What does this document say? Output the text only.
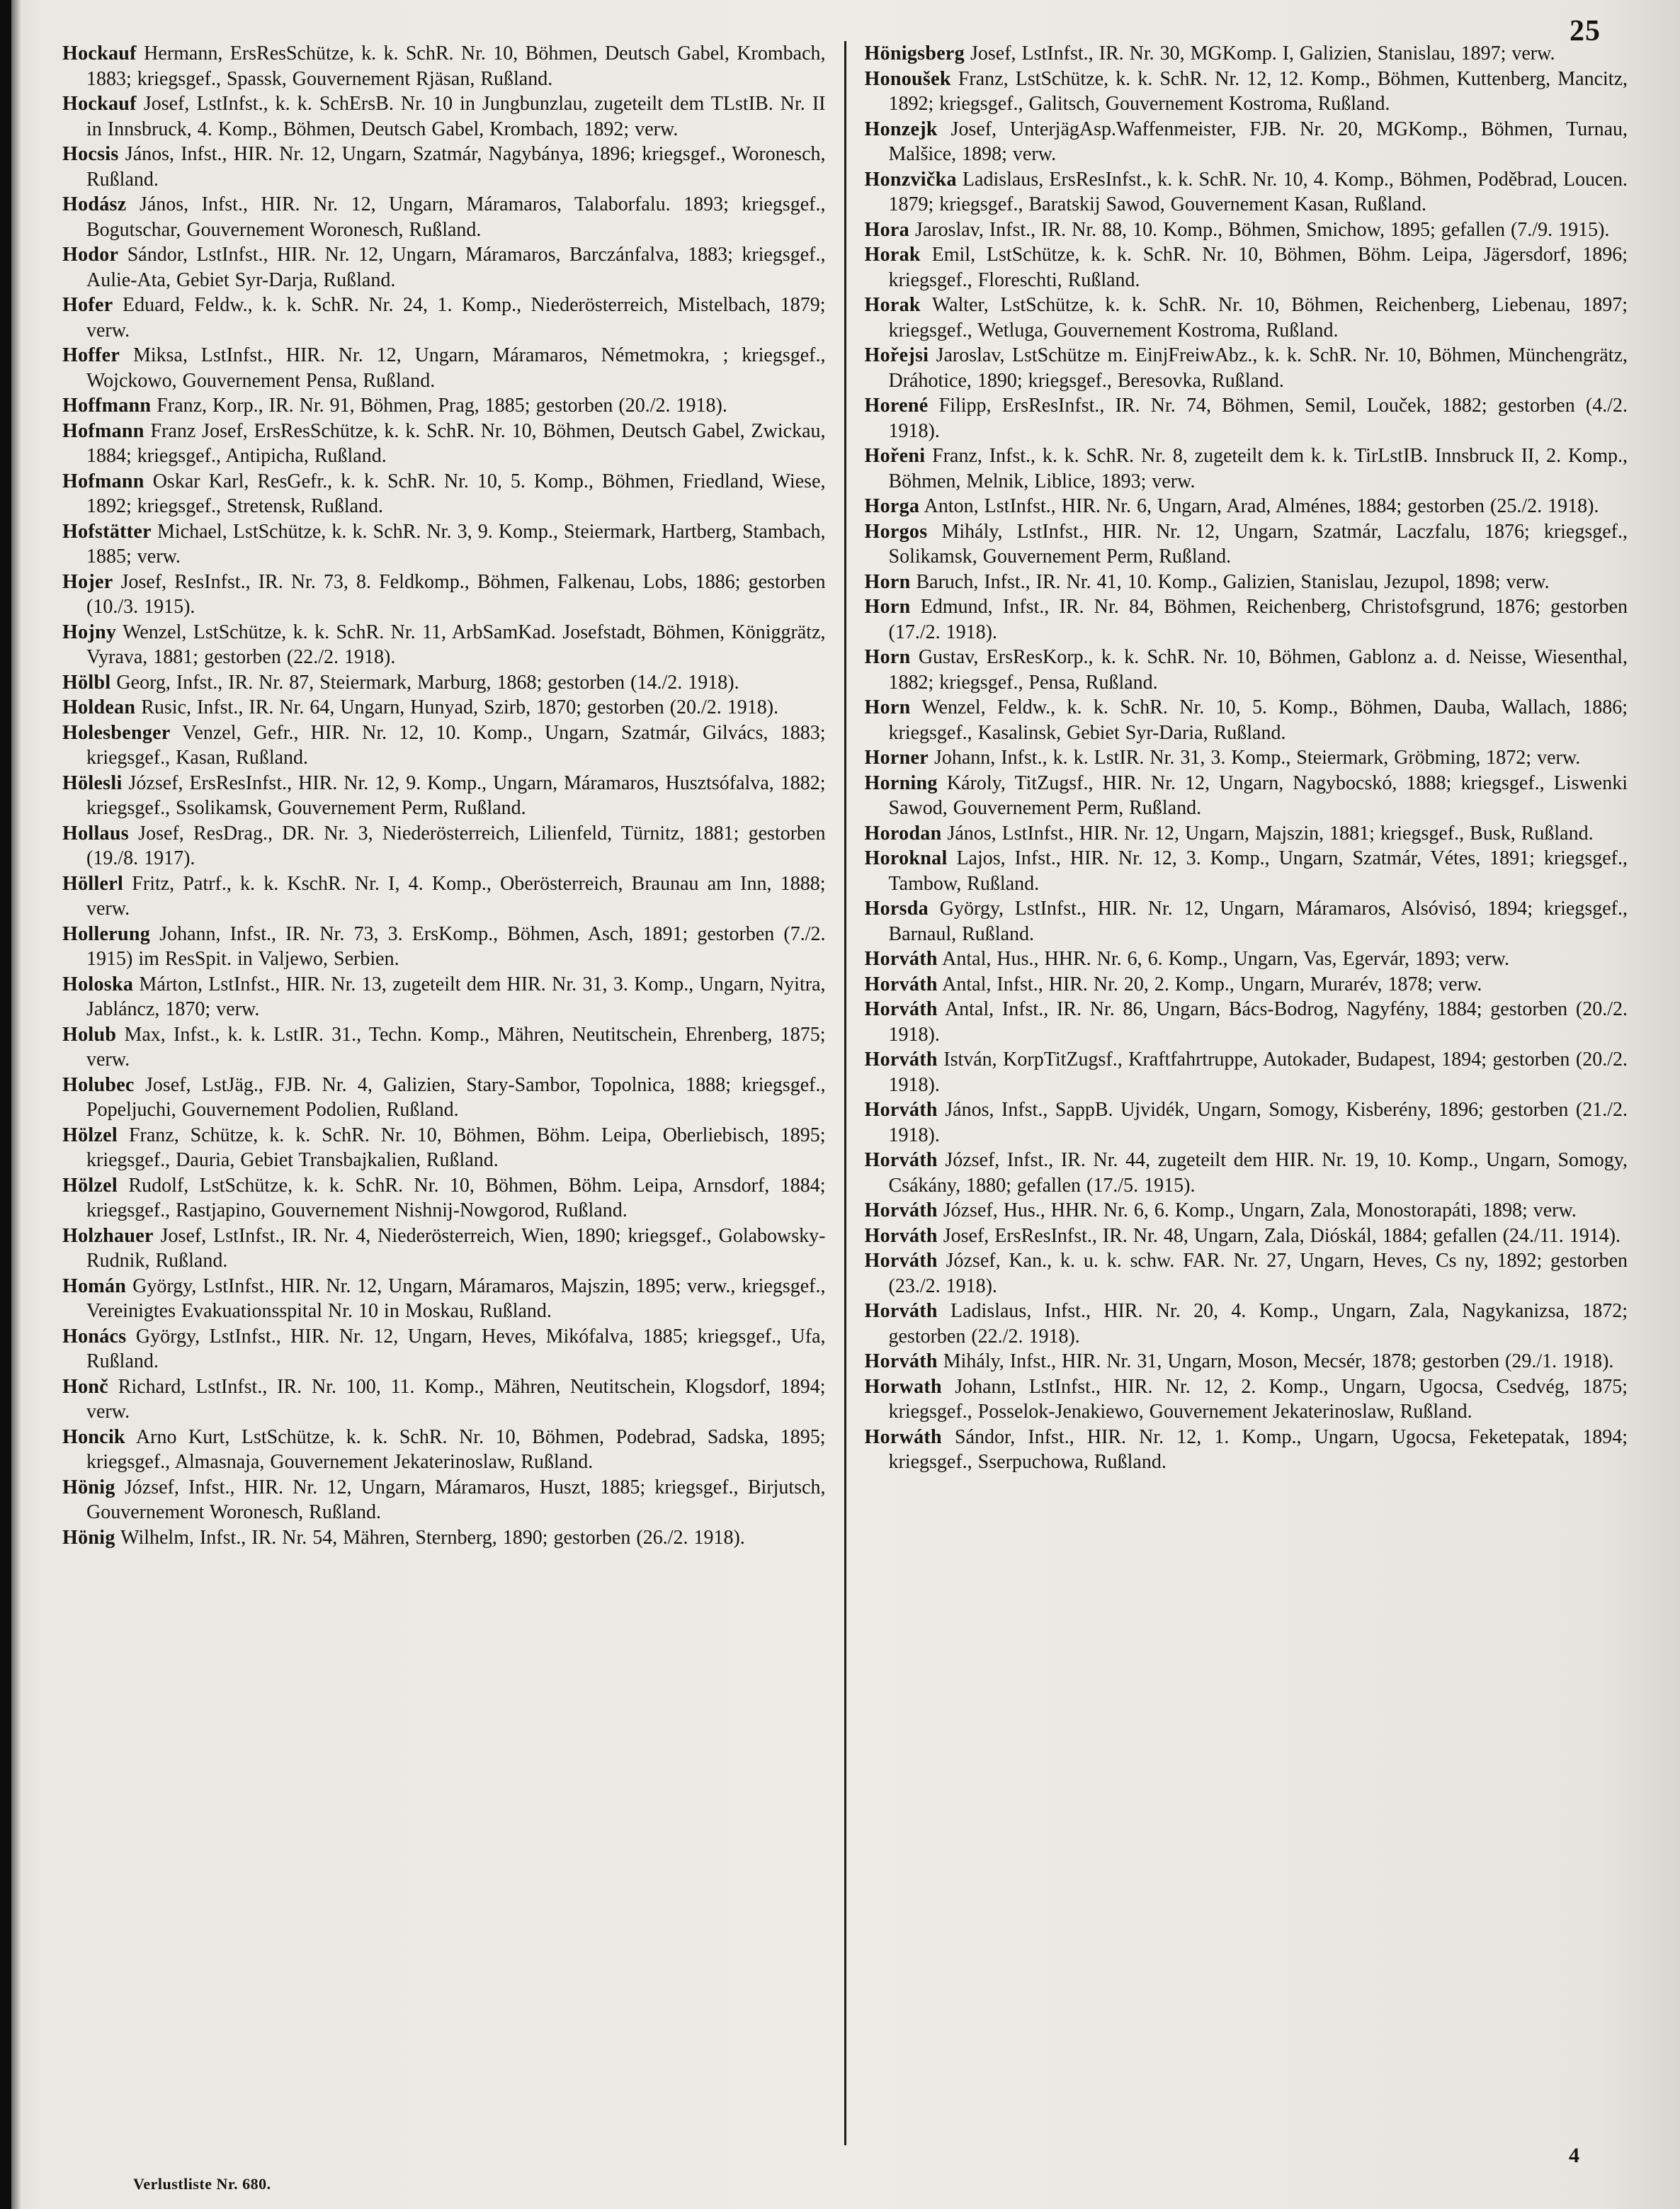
25

Hockauf Hermann, ErsResSchütze, k. k. SchR. Nr. 10, Böhmen, Deutsch Gabel, Krombach, 1883; kriegsgef., Spassk, Gouvernement Rjäsan, Rußland.

Hockauf Josef, LstInfst., k. k. SchErsB. Nr. 10 in Jungbunzlau, zugeteilt dem TLstIB. Nr. II in Innsbruck, 4. Komp., Böhmen, Deutsch Gabel, Krombach, 1892; verw.

Hocsis János, Infst., HIR. Nr. 12, Ungarn, Szatmár, Nagybánya, 1896; kriegsgef., Woronesch, Rußland.

Hodász János, Infst., HIR. Nr. 12, Ungarn, Máramaros, Talaborfalu. 1893; kriegsgef., Bogutschar, Gouvernement Woronesch, Rußland.

Hodor Sándor, LstInfst., HIR. Nr. 12, Ungarn, Máramaros, Barczánfalva, 1883; kriegsgef., Aulie-Ata, Gebiet Syr-Darja, Rußland.

Hofer Eduard, Feldw., k. k. SchR. Nr. 24, 1. Komp., Niederösterreich, Mistelbach, 1879; verw.

Hoffer Miksa, LstInfst., HIR. Nr. 12, Ungarn, Máramaros, Németmokra, ; kriegsgef., Wojckowo, Gouvernement Pensa, Rußland.

Hoffmann Franz, Korp., IR. Nr. 91, Böhmen, Prag, 1885; gestorben (20./2. 1918).

Hofmann Franz Josef, ErsResSchütze, k. k. SchR. Nr. 10, Böhmen, Deutsch Gabel, Zwickau, 1884; kriegsgef., Antipicha, Rußland.

Hofmann Oskar Karl, ResGefr., k. k. SchR. Nr. 10, 5. Komp., Böhmen, Friedland, Wiese, 1892; kriegsgef., Stretensk, Rußland.

Hofstätter Michael, LstSchütze, k. k. SchR. Nr. 3, 9. Komp., Steiermark, Hartberg, Stambach, 1885; verw.

Hojer Josef, ResInfst., IR. Nr. 73, 8. Feldkomp., Böhmen, Falkenau, Lobs, 1886; gestorben (10./3. 1915).

Hojny Wenzel, LstSchütze, k. k. SchR. Nr. 11, ArbSamKad. Josefstadt, Böhmen, Königgrätz, Vyrava, 1881; gestorben (22./2. 1918).

Hölbl Georg, Infst., IR. Nr. 87, Steiermark, Marburg, 1868; gestorben (14./2. 1918).

Holdean Rusic, Infst., IR. Nr. 64, Ungarn, Hunyad, Szirb, 1870; gestorben (20./2. 1918).

Holesbenger Venzel, Gefr., HIR. Nr. 12, 10. Komp., Ungarn, Szatmár, Gilvács, 1883; kriegsgef., Kasan, Rußland.

Hölesli József, ErsResInfst., HIR. Nr. 12, 9. Komp., Ungarn, Máramaros, Husztsófalva, 1882; kriegsgef., Ssolikamsk, Gouvernement Perm, Rußland.

Hollaus Josef, ResDrag., DR. Nr. 3, Niederösterreich, Lilienfeld, Türnitz, 1881; gestorben (19./8. 1917).

Höllerl Fritz, Patrf., k. k. KschR. Nr. I, 4. Komp., Oberösterreich, Braunau am Inn, 1888; verw.

Hollerung Johann, Infst., IR. Nr. 73, 3. ErsKomp., Böhmen, Asch, 1891; gestorben (7./2. 1915) im ResSpit. in Valjewo, Serbien.

Holoska Márton, LstInfst., HIR. Nr. 13, zugeteilt dem HIR. Nr. 31, 3. Komp., Ungarn, Nyitra, Jabláncz, 1870; verw.

Holub Max, Infst., k. k. LstIR. 31., Techn. Komp., Mähren, Neutitschein, Ehrenberg, 1875; verw.

Holubec Josef, LstJäg., FJB. Nr. 4, Galizien, Stary-Sambor, Topolnica, 1888; kriegsgef., Popeljuchi, Gouvernement Podolien, Rußland.

Hölzel Franz, Schütze, k. k. SchR. Nr. 10, Böhmen, Böhm. Leipa, Oberliebisch, 1895; kriegsgef., Dauria, Gebiet Transbajkalien, Rußland.

Hölzel Rudolf, LstSchütze, k. k. SchR. Nr. 10, Böhmen, Böhm. Leipa, Arnsdorf, 1884; kriegsgef., Rastjapino, Gouvernement Nishnij-Nowgorod, Rußland.

Holzhauer Josef, LstInfst., IR. Nr. 4, Niederösterreich, Wien, 1890; kriegsgef., Golabowsky-Rudnik, Rußland.

Homán György, LstInfst., HIR. Nr. 12, Ungarn, Máramaros, Majszin, 1895; verw., kriegsgef., Vereinigtes Evakuationsspital Nr. 10 in Moskau, Rußland.

Honács György, LstInfst., HIR. Nr. 12, Ungarn, Heves, Mikófalva, 1885; kriegsgef., Ufa, Rußland.

Honč Richard, LstInfst., IR. Nr. 100, 11. Komp., Mähren, Neutitschein, Klogsdorf, 1894; verw.

Honcik Arno Kurt, LstSchütze, k. k. SchR. Nr. 10, Böhmen, Podebrad, Sadska, 1895; kriegsgef., Almasnaja, Gouvernement Jekaterinoslaw, Rußland.

Hönig József, Infst., HIR. Nr. 12, Ungarn, Máramaros, Huszt, 1885; kriegsgef., Birjutsch, Gouvernement Woronesch, Rußland.

Hönig Wilhelm, Infst., IR. Nr. 54, Mähren, Sternberg, 1890; gestorben (26./2. 1918).

Hönigsberg Josef, LstInfst., IR. Nr. 30, MGKomp. I, Galizien, Stanislau, 1897; verw.

Honoušek Franz, LstSchütze, k. k. SchR. Nr. 12, 12. Komp., Böhmen, Kuttenberg, Mancitz, 1892; kriegsgef., Galitsch, Gouvernement Kostroma, Rußland.

Honzejk Josef, UnterjägAsp.Waffenmeister, FJB. Nr. 20, MGKomp., Böhmen, Turnau, Malšice, 1898; verw.

Honzvička Ladislaus, ErsResInfst., k. k. SchR. Nr. 10, 4. Komp., Böhmen, Poděbrad, Loucen. 1879; kriegsgef., Baratskij Sawod, Gouvernement Kasan, Rußland.

Hora Jaroslav, Infst., IR. Nr. 88, 10. Komp., Böhmen, Smichow, 1895; gefallen (7./9. 1915).

Horak Emil, LstSchütze, k. k. SchR. Nr. 10, Böhmen, Böhm. Leipa, Jägersdorf, 1896; kriegsgef., Floreschti, Rußland.

Horak Walter, LstSchütze, k. k. SchR. Nr. 10, Böhmen, Reichenberg, Liebenau, 1897; kriegsgef., Wetluga, Gouvernement Kostroma, Rußland.

Hořejsi Jaroslav, LstSchütze m. EinjFreiwAbz., k. k. SchR. Nr. 10, Böhmen, Münchengrätz, Dráhotice, 1890; kriegsgef., Beresovka, Rußland.

Horené Filipp, ErsResInfst., IR. Nr. 74, Böhmen, Semil, Louček, 1882; gestorben (4./2. 1918).

Hořeni Franz, Infst., k. k. SchR. Nr. 8, zugeteilt dem k. k. TirLstIB. Innsbruck II, 2. Komp., Böhmen, Melnik, Liblice, 1893; verw.

Horga Anton, LstInfst., HIR. Nr. 6, Ungarn, Arad, Alménes, 1884; gestorben (25./2. 1918).

Horgos Mihály, LstInfst., HIR. Nr. 12, Ungarn, Szatmár, Laczfalu, 1876; kriegsgef., Solikamsk, Gouvernement Perm, Rußland.

Horn Baruch, Infst., IR. Nr. 41, 10. Komp., Galizien, Stanislau, Jezupol, 1898; verw.

Horn Edmund, Infst., IR. Nr. 84, Böhmen, Reichenberg, Christofsgrund, 1876; gestorben (17./2. 1918).

Horn Gustav, ErsResKorp., k. k. SchR. Nr. 10, Böhmen, Gablonz a. d. Neisse, Wiesenthal, 1882; kriegsgef., Pensa, Rußland.

Horn Wenzel, Feldw., k. k. SchR. Nr. 10, 5. Komp., Böhmen, Dauba, Wallach, 1886; kriegsgef., Kasalinsk, Gebiet Syr-Daria, Rußland.

Horner Johann, Infst., k. k. LstIR. Nr. 31, 3. Komp., Steiermark, Gröbming, 1872; verw.

Horning Károly, TitZugsf., HIR. Nr. 12, Ungarn, Nagybocskó, 1888; kriegsgef., Liswenki Sawod, Gouvernement Perm, Rußland.

Horodan János, LstInfst., HIR. Nr. 12, Ungarn, Majszin, 1881; kriegsgef., Busk, Rußland.

Horoknal Lajos, Infst., HIR. Nr. 12, 3. Komp., Ungarn, Szatmár, Vétes, 1891; kriegsgef., Tambow, Rußland.

Horsda György, LstInfst., HIR. Nr. 12, Ungarn, Máramaros, Alsóvisó, 1894; kriegsgef., Barnaul, Rußland.

Horváth Antal, Hus., HHR. Nr. 6, 6. Komp., Ungarn, Vas, Egervár, 1893; verw.

Horváth Antal, Infst., HIR. Nr. 20, 2. Komp., Ungarn, Murarév, 1878; verw.

Horváth Antal, Infst., IR. Nr. 86, Ungarn, Bács-Bodrog, Nagyfény, 1884; gestorben (20./2. 1918).

Horváth István, KorpTitZugsf., Kraftfahrtruppe, Autokader, Budapest, 1894; gestorben (20./2. 1918).

Horváth János, Infst., SappB. Ujvidék, Ungarn, Somogy, Kisberény, 1896; gestorben (21./2. 1918).

Horváth József, Infst., IR. Nr. 44, zugeteilt dem HIR. Nr. 19, 10. Komp., Ungarn, Somogy, Csákány, 1880; gefallen (17./5. 1915).

Horváth József, Hus., HHR. Nr. 6, 6. Komp., Ungarn, Zala, Monostorapáti, 1898; verw.

Horváth Josef, ErsResInfst., IR. Nr. 48, Ungarn, Zala, Dióskál, 1884; gefallen (24./11. 1914).

Horváth József, Kan., k. u. k. schw. FAR. Nr. 27, Ungarn, Heves, Cs ny, 1892; gestorben (23./2. 1918).

Horváth Ladislaus, Infst., HIR. Nr. 20, 4. Komp., Ungarn, Zala, Nagykanizsa, 1872; gestorben (22./2. 1918).

Horváth Mihály, Infst., HIR. Nr. 31, Ungarn, Moson, Mecsér, 1878; gestorben (29./1. 1918).

Horwath Johann, LstInfst., HIR. Nr. 12, 2. Komp., Ungarn, Ugocsa, Csedvég, 1875; kriegsgef., Posselok-Jenakiewo, Gouvernement Jekaterinoslaw, Rußland.

Horwáth Sándor, Infst., HIR. Nr. 12, 1. Komp., Ungarn, Ugocsa, Feketepatak, 1894; kriegsgef., Sserpuchowa, Rußland.

Verlustliste Nr. 680.
4
